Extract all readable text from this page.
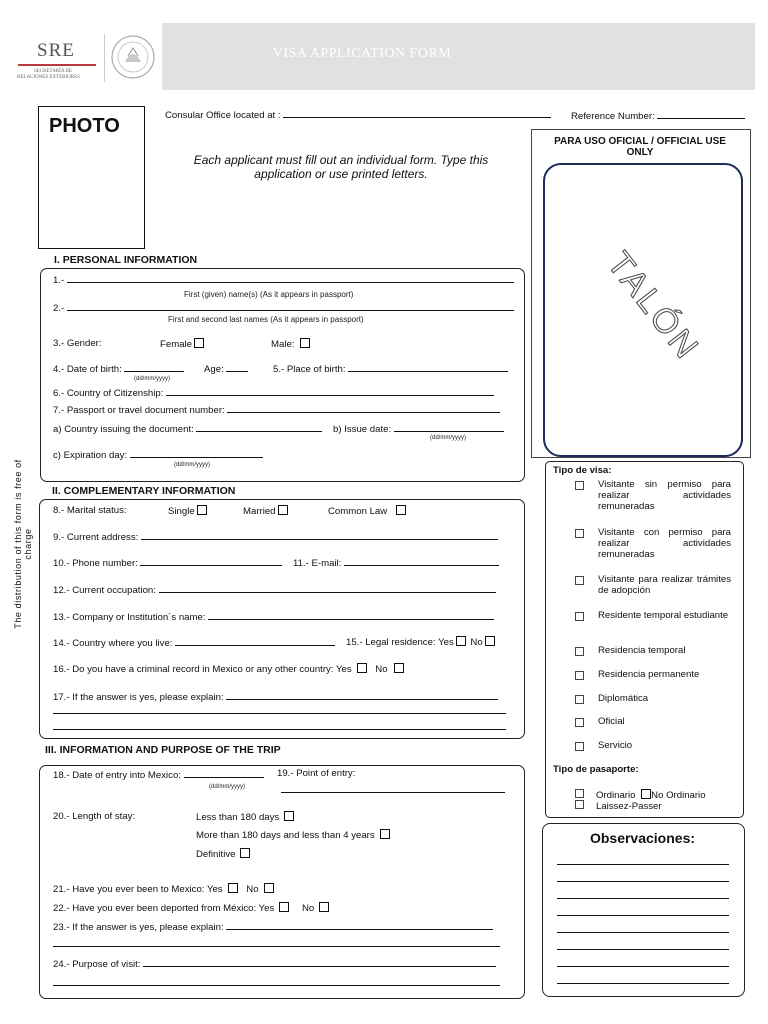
SRE
SECRETARÍA DE
RELACIONES EXTERIORES
VISA APPLICATION FORM
PHOTO	Consular Office located at :	Reference Number:
Each applicant must fill out an individual form. Type this application or use printed letters.
PARA USO OFICIAL / OFFICIAL USE ONLY
TALÓN
The distribution of this form is free of charge
I. PERSONAL INFORMATION
1.-
First (given) name(s) (As it appears in passport)
2.-
First and second last names (As it appears in passport)
3.- Gender:	Female	Male:
4.- Date of birth:
(dd/mm/yyyy)
Age:	5.- Place of birth:
6.- Country of Citizenship:
7.- Passport or travel document number:
a) Country issuing the document:	b) Issue date:
(dd/mm/yyyy)
c) Expiration day:
(dd/mm/yyyy)
II. COMPLEMENTARY INFORMATION
8.- Marital status:	Single	Married	Common Law
9.- Current address:
10.- Phone number:	11.- E-mail:
12.- Current occupation:
13.- Company or Institution´s name:
14.- Country where you live:	15.- Legal residence: Yes No
16.- Do you have a criminal record in Mexico or any other country: Yes No
17.- If the answer is yes, please explain:
III. INFORMATION AND PURPOSE OF THE TRIP
18.- Date of entry into Mexico:	19.- Point of entry:
(dd/mm/yyyy)
20.- Length of stay:	Less than 180 days
More than 180 days and less than 4 years
Definitive
21.- Have you ever been to Mexico: Yes No
22.- Have you ever been deported from México: Yes	No
23.- If the answer is yes, please explain:
24.- Purpose of visit:
Tipo de visa:
Visitante sin permiso para realizar actividades remuneradas
Visitante con permiso para realizar actividades remuneradas
Visitante para realizar trámites de adopción
Residente temporal estudiante
Residencia temporal
Residencia permanente
Diplomática
Oficial
Servicio
Tipo de pasaporte:
Ordinario No Ordinario
Laissez-Passer
Observaciones:
